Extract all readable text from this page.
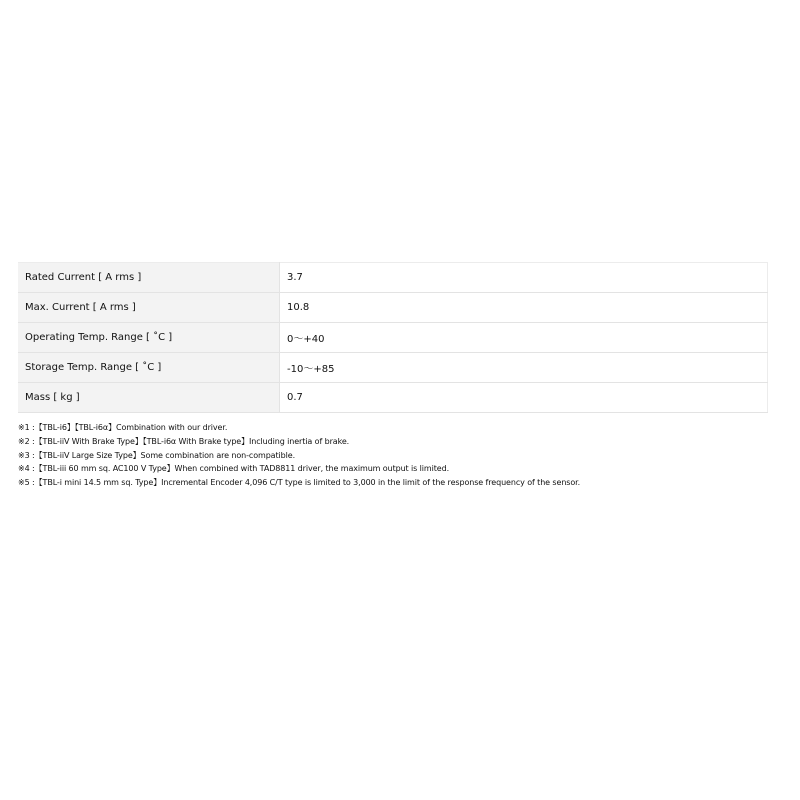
Rated Current [ A rms ]	3.7
Max. Current [ A rms ]	10.8
Operating Temp. Range [ ˚C ]	0～+40
Storage Temp. Range [ ˚C ]	-10～+85
Mass [ kg ]	0.7
※1 :【TBL-i6】【TBL-i6α】Combination with our driver.
※2 :【TBL-iiV With Brake Type】【TBL-i6α With Brake type】Including inertia of brake.
※3 :【TBL-iiV Large Size Type】Some combination are non-compatible.
※4 :【TBL-iii 60 mm sq. AC100 V Type】When combined with TAD8811 driver, the maximum output is limited.
※5 :【TBL-i mini 14.5 mm sq. Type】Incremental Encoder 4,096 C/T type is limited to 3,000 in the limit of the response frequency of the sensor.
